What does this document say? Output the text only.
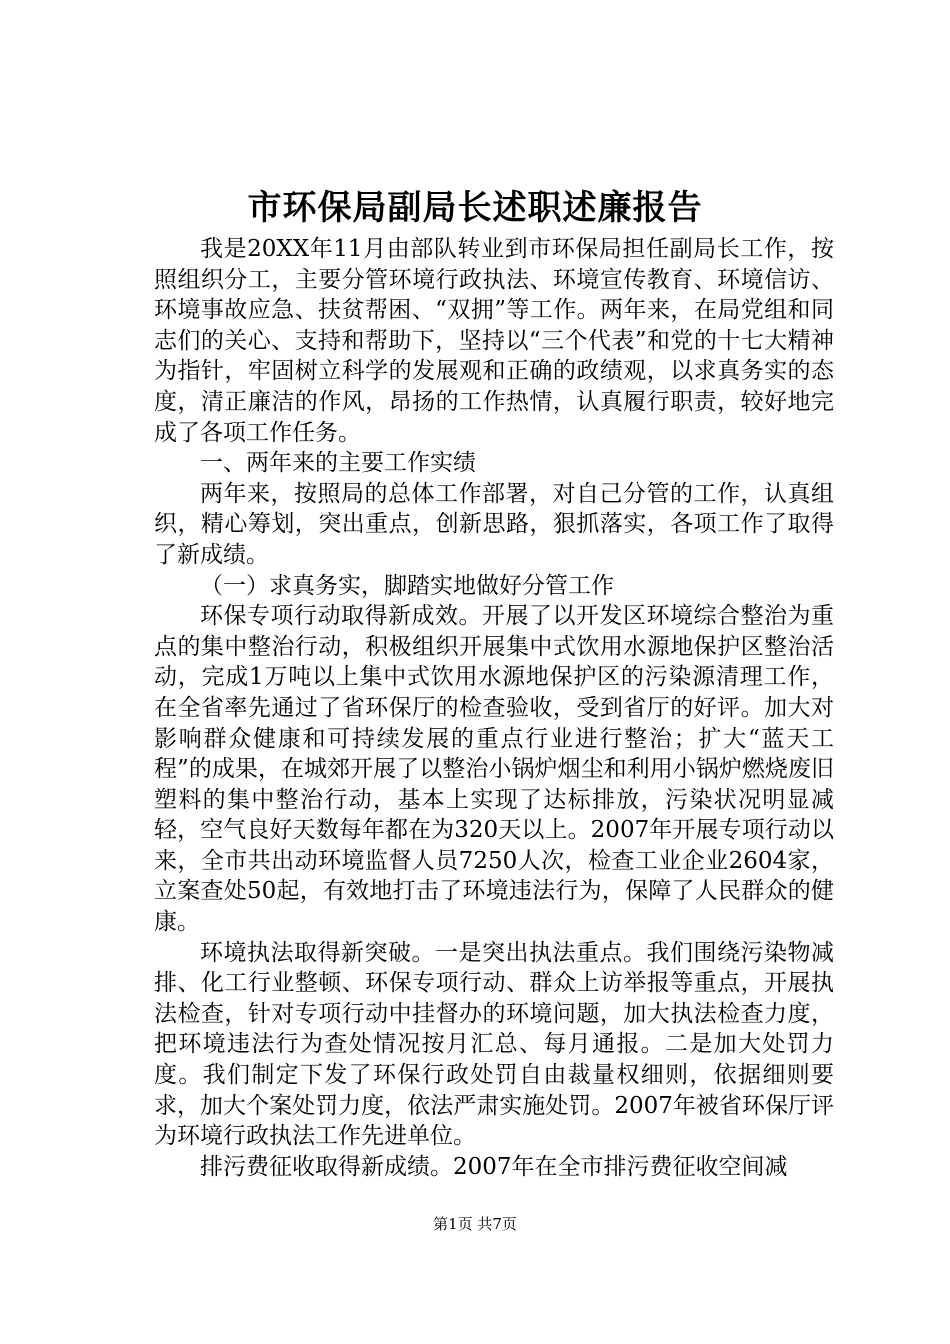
市环保局副局长述职述廉报告

我是20XX年11月由部队转业到市环保局担任副局长工作，按照组织分工，主要分管环境行政执法、环境宣传教育、环境信访、环境事故应急、扶贫帮困、“双拥”等工作。两年来，在局党组和同志们的关心、支持和帮助下，坚持以“三个代表”和党的十七大精神为指针，牢固树立科学的发展观和正确的政绩观，以求真务实的态度，清正廉洁的作风，昂扬的工作热情，认真履行职责，较好地完成了各项工作任务。

一、两年来的主要工作实绩

两年来，按照局的总体工作部署，对自己分管的工作，认真组织，精心筹划，突出重点，创新思路，狠抓落实，各项工作了取得了新成绩。

（一）求真务实，脚踏实地做好分管工作

环保专项行动取得新成效。开展了以开发区环境综合整治为重点的集中整治行动，积极组织开展集中式饮用水源地保护区整治活动，完成1万吨以上集中式饮用水源地保护区的污染源清理工作，在全省率先通过了省环保厅的检查验收，受到省厅的好评。加大对影响群众健康和可持续发展的重点行业进行整治；扩大“蓝天工程”的成果，在城郊开展了以整治小锅炉烟尘和利用小锅炉燃烧废旧塑料的集中整治行动，基本上实现了达标排放，污染状况明显减轻，空气良好天数每年都在为320天以上。2007年开展专项行动以来，全市共出动环境监督人员7250人次，检查工业企业2604家，立案查处50起，有效地打击了环境违法行为，保障了人民群众的健康。

环境执法取得新突破。一是突出执法重点。我们围绕污染物减排、化工行业整顿、环保专项行动、群众上访举报等重点，开展执法检查，针对专项行动中挂督办的环境问题，加大执法检查力度，把环境违法行为查处情况按月汇总、每月通报。二是加大处罚力度。我们制定下发了环保行政处罚自由裁量权细则，依据细则要求，加大个案处罚力度，依法严肃实施处罚。2007年被省环保厅评为环境行政执法工作先进单位。

排污费征收取得新成绩。2007年在全市排污费征收空间减

第1页 共7页
